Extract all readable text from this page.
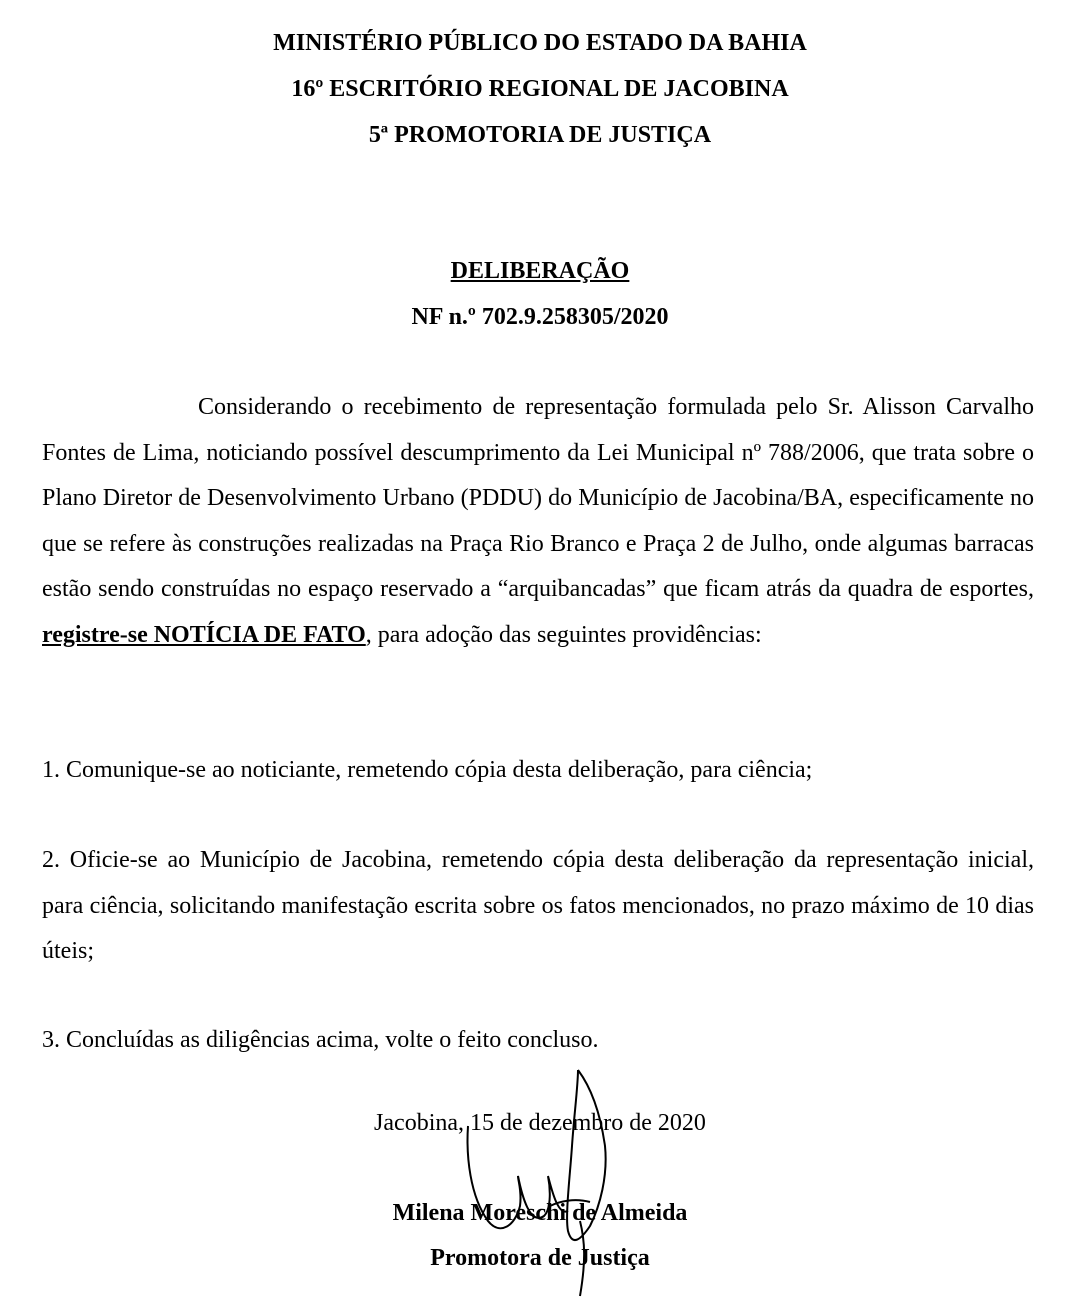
MINISTÉRIO PÚBLICO DO ESTADO DA BAHIA
16º ESCRITÓRIO REGIONAL DE JACOBINA
5ª PROMOTORIA DE JUSTIÇA
DELIBERAÇÃO
NF n.º 702.9.258305/2020
Considerando o recebimento de representação formulada pelo Sr. Alisson Carvalho Fontes de Lima, noticiando possível descumprimento da Lei Municipal nº 788/2006, que trata sobre o Plano Diretor de Desenvolvimento Urbano (PDDU) do Município de Jacobina/BA, especificamente no que se refere às construções realizadas na Praça Rio Branco e Praça 2 de Julho, onde algumas barracas estão sendo construídas no espaço reservado a “arquibancadas” que ficam atrás da quadra de esportes, registre-se NOTÍCIA DE FATO, para adoção das seguintes providências:
1. Comunique-se ao noticiante, remetendo cópia desta deliberação, para ciência;
2. Oficie-se ao Município de Jacobina, remetendo cópia desta deliberação da representação inicial, para ciência, solicitando manifestação escrita sobre os fatos mencionados, no prazo máximo de 10 dias úteis;
3. Concluídas as diligências acima, volte o feito concluso.
Jacobina, 15 de dezembro de 2020
Milena Moreschi de Almeida
Promotora de Justiça
